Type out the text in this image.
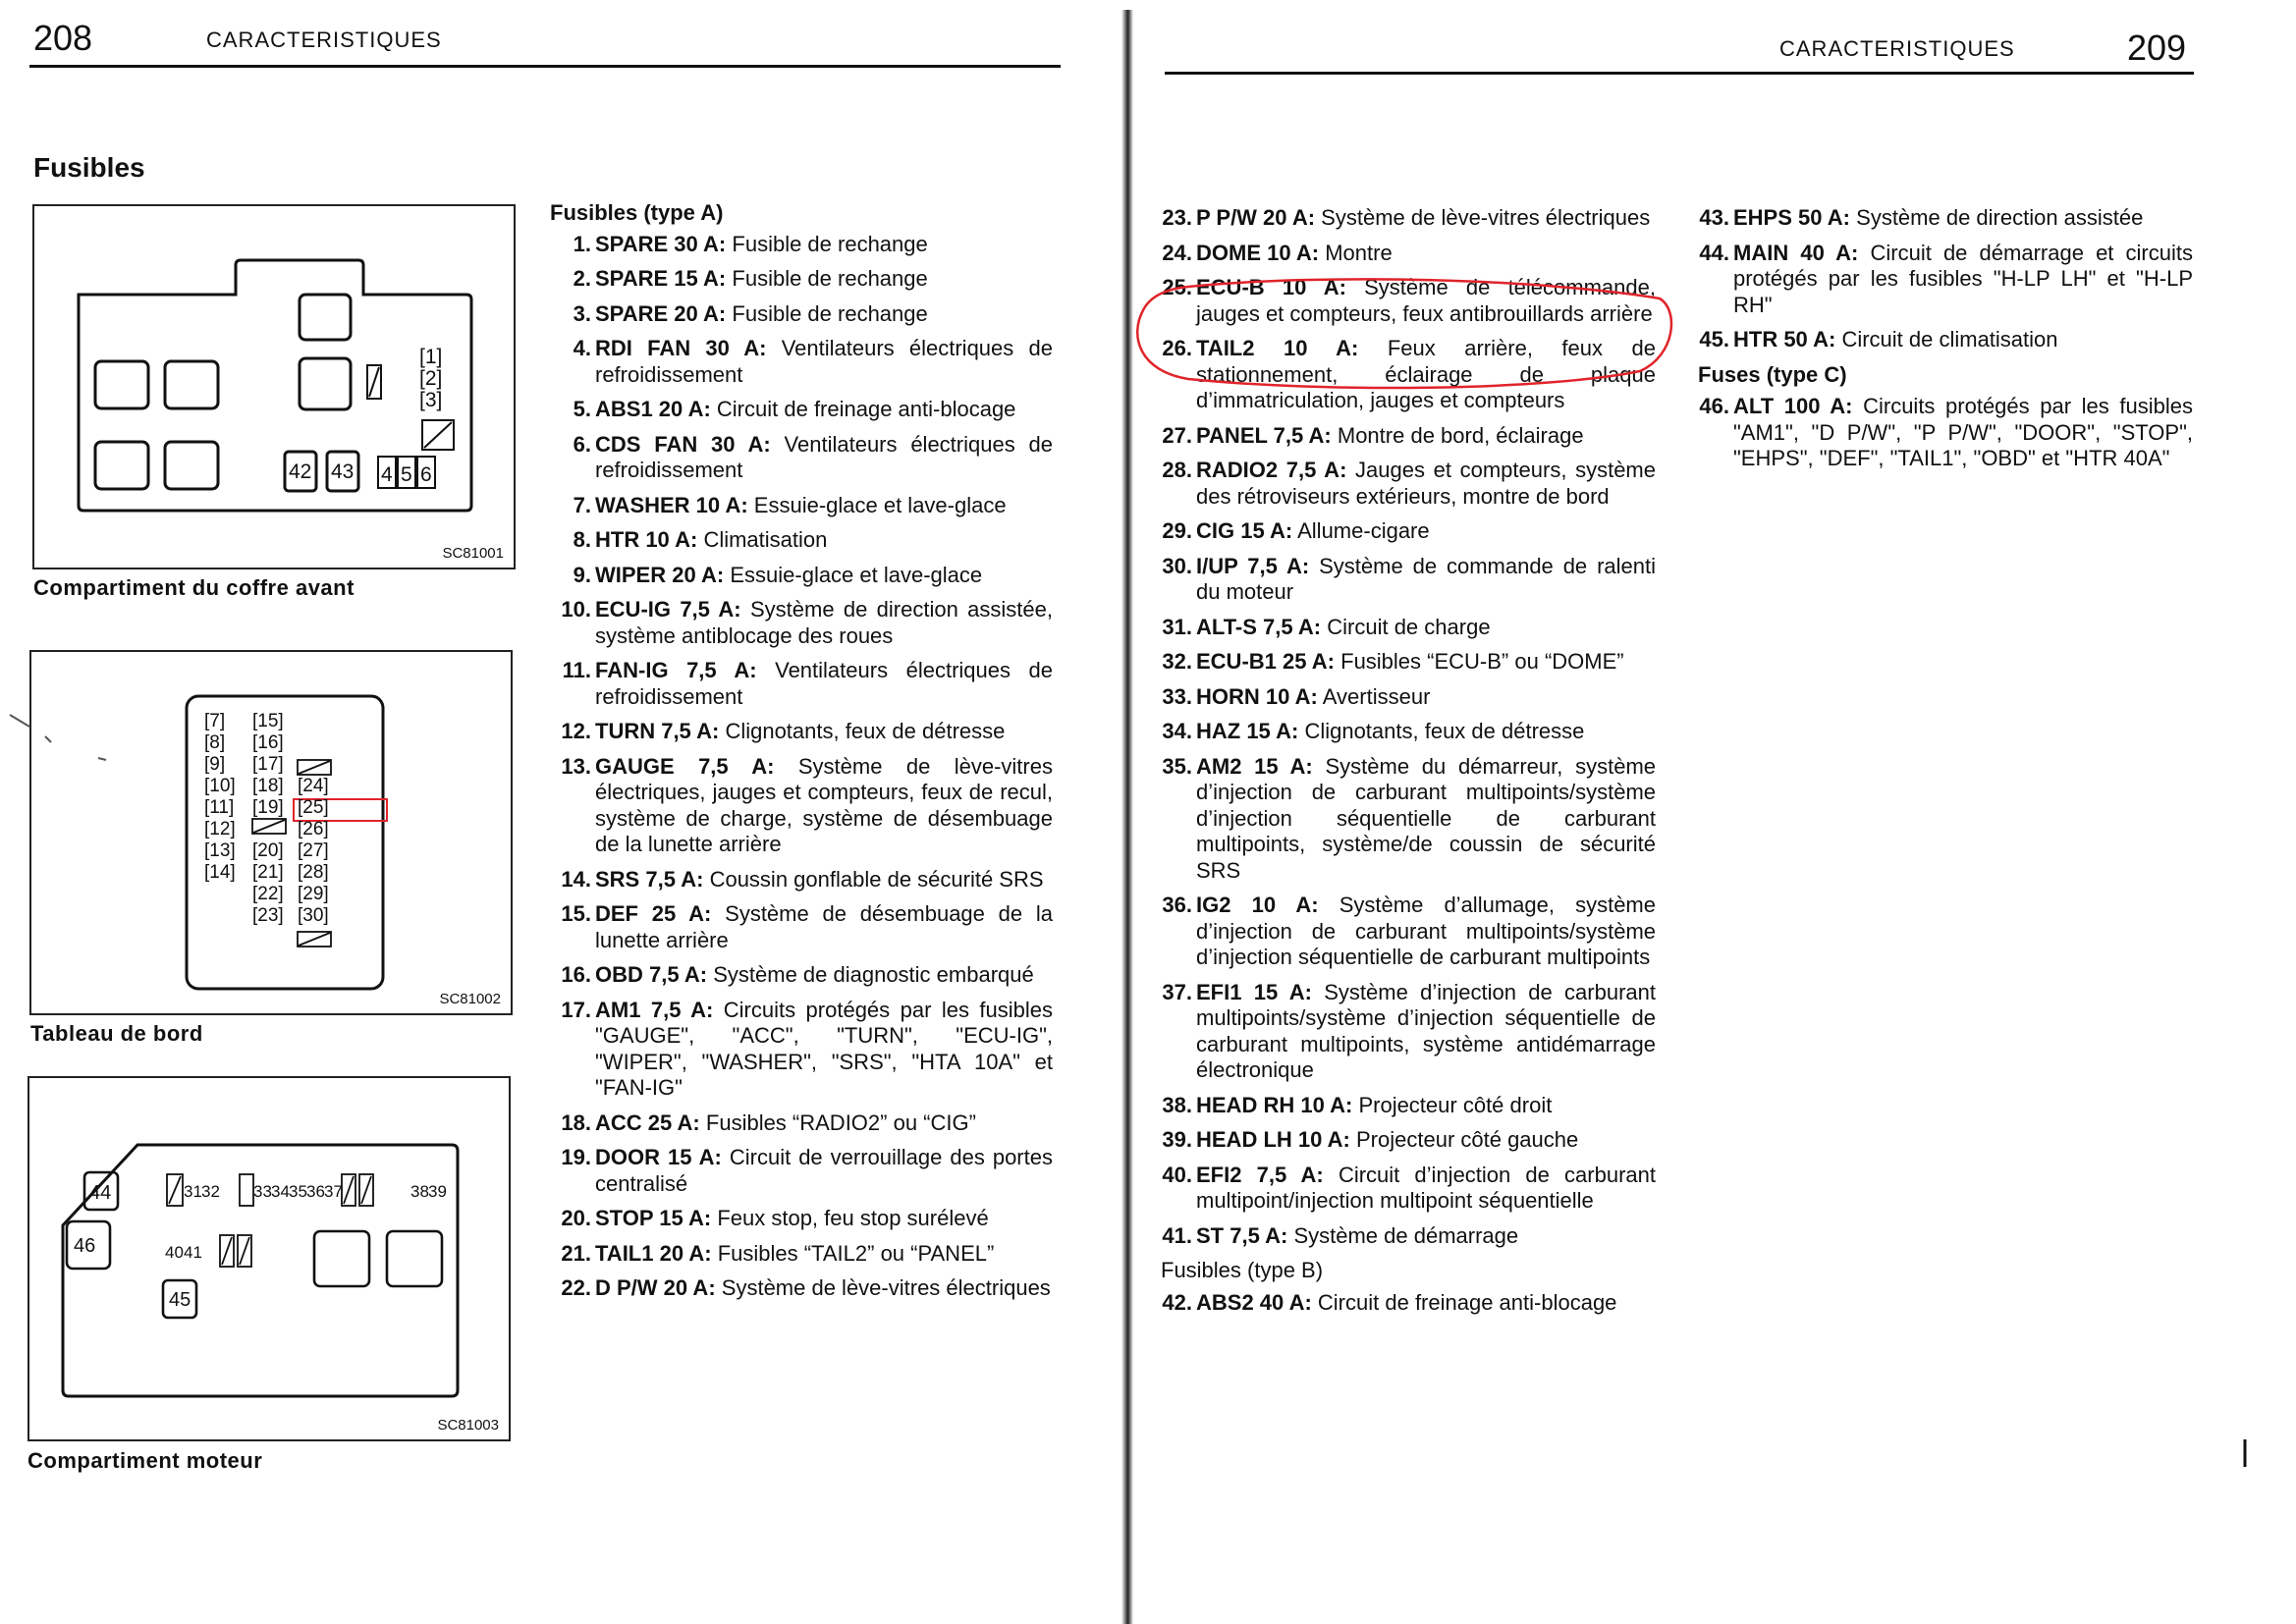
208	CARACTERISTIQUES	CARACTERISTIQUES	209
Fusibles
[1]
[2]
[3]
42 43 4 5 6
SC81001
Compartiment du coffre avant
[7]
[8]
[9]
[10]
[11]
[12]
[13]
[14]
[15]
[16]
[17]
[18]
[19]
[20]
[21]
[22]
[23]
[24]
[25]
[26]
[27]
[28]
[29]
[30]
SC81002
Tableau de bord
44	31 32 33 34 35 36 37	38 39
46	40 41
45
SC81003
Compartiment moteur
Fusibles (type A)
1. SPARE 30 A: Fusible de rechange
2. SPARE 15 A: Fusible de rechange
3. SPARE 20 A: Fusible de rechange
4. RDI FAN 30 A: Ventilateurs électriques de refroidissement
5. ABS1 20 A: Circuit de freinage anti-blocage
6. CDS FAN 30 A: Ventilateurs électriques de refroidissement
7. WASHER 10 A: Essuie-glace et lave-glace
8. HTR 10 A: Climatisation
9. WIPER 20 A: Essuie-glace et lave-glace
10. ECU-IG 7,5 A: Système de direction assistée, système antiblocage des roues
11. FAN-IG 7,5 A: Ventilateurs électriques de refroidissement
12. TURN 7,5 A: Clignotants, feux de détresse
13. GAUGE 7,5 A: Système de lève-vitres électriques, jauges et compteurs, feux de recul, système de charge, système de désembuage de la lunette arrière
14. SRS 7,5 A: Coussin gonflable de sécurité SRS
15. DEF 25 A: Système de désembuage de la lunette arrière
16. OBD 7,5 A: Système de diagnostic embarqué
17. AM1 7,5 A: Circuits protégés par les fusibles "GAUGE", "ACC", "TURN", "ECU-IG", "WIPER", "WASHER", "SRS", "HTA 10A" et "FAN-IG"
18. ACC 25 A: Fusibles “RADIO2” ou “CIG”
19. DOOR 15 A: Circuit de verrouillage des portes centralisé
20. STOP 15 A: Feux stop, feu stop surélevé
21. TAIL1 20 A: Fusibles “TAIL2” ou “PANEL”
22. D P/W 20 A: Système de lève-vitres électriques
23. P P/W 20 A: Système de lève-vitres électriques
24. DOME 10 A: Montre
25. ECU-B 10 A: Système de télécommande, jauges et compteurs, feux antibrouillards arrière
26. TAIL2 10 A: Feux arrière, feux de stationnement, éclairage de plaque d’immatriculation, jauges et compteurs
27. PANEL 7,5 A: Montre de bord, éclairage
28. RADIO2 7,5 A: Jauges et compteurs, système des rétroviseurs extérieurs, montre de bord
29. CIG 15 A: Allume-cigare
30. I/UP 7,5 A: Système de commande de ralenti du moteur
31. ALT-S 7,5 A: Circuit de charge
32. ECU-B1 25 A: Fusibles “ECU-B” ou “DOME”
33. HORN 10 A: Avertisseur
34. HAZ 15 A: Clignotants, feux de détresse
35. AM2 15 A: Système du démarreur, système d’injection de carburant multipoints/système d’injection séquentielle de carburant multipoints, système/de coussin de sécurité SRS
36. IG2 10 A: Système d’allumage, système d’injection de carburant multipoints/système d’injection séquentielle de carburant multipoints
37. EFI1 15 A: Système d’injection de carburant multipoints/système d’injection séquentielle de carburant multipoints, système antidémarrage électronique
38. HEAD RH 10 A: Projecteur côté droit
39. HEAD LH 10 A: Projecteur côté gauche
40. EFI2 7,5 A: Circuit d’injection de carburant multipoint/injection multipoint séquentielle
41. ST 7,5 A: Système de démarrage
Fusibles (type B)
42. ABS2 40 A: Circuit de freinage anti-blocage
43. EHPS 50 A: Système de direction assistée
44. MAIN 40 A: Circuit de démarrage et circuits protégés par les fusibles "H-LP LH" et "H-LP RH"
45. HTR 50 A: Circuit de climatisation
Fuses (type C)
46. ALT 100 A: Circuits protégés par les fusibles "AM1", "D P/W", "P P/W", "DOOR", "STOP", "EHPS", "DEF", "TAIL1", "OBD" et "HTR 40A"
